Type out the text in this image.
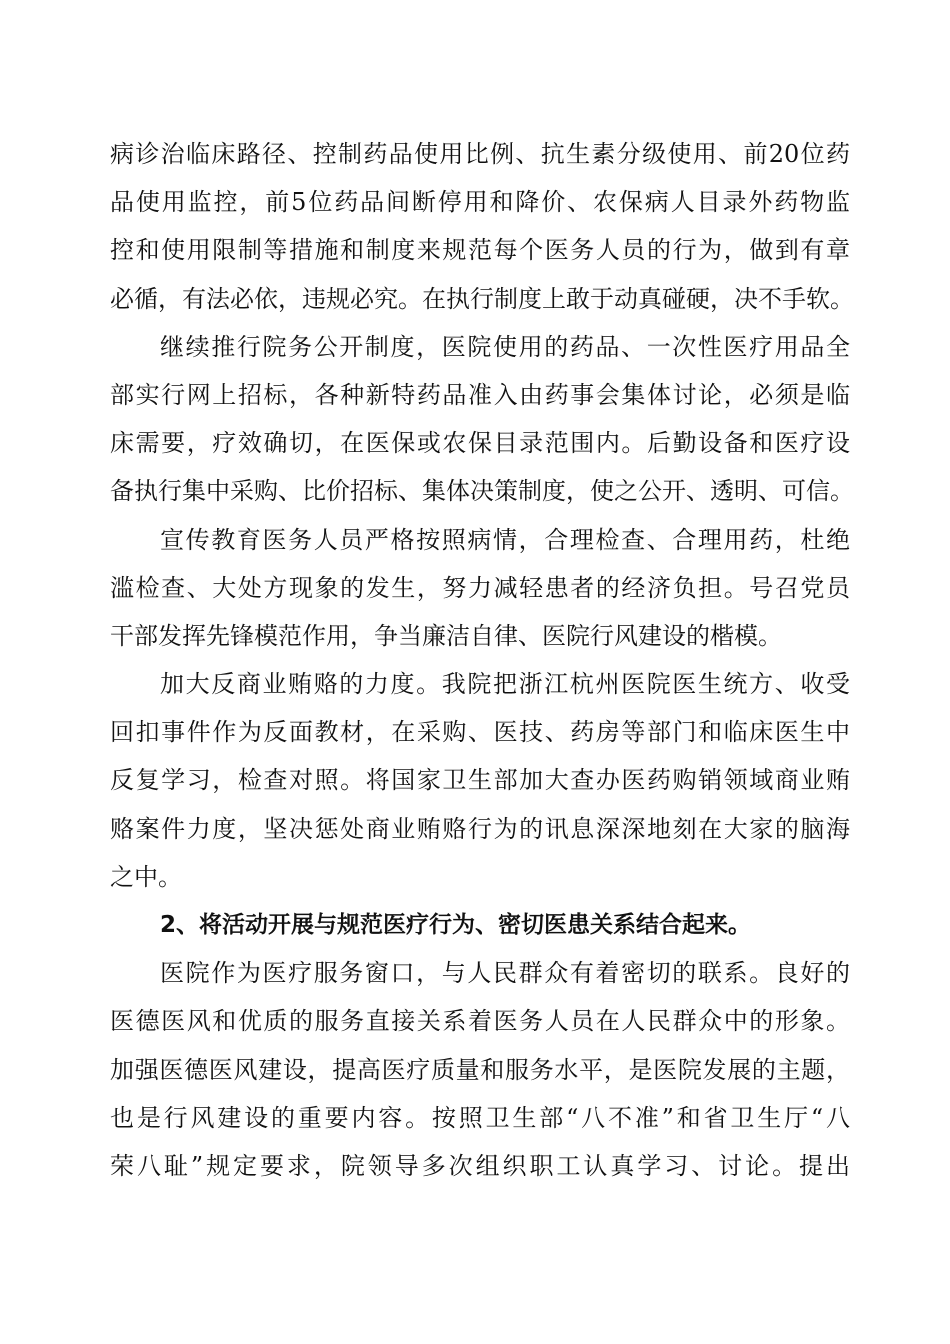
病诊治临床路径、控制药品使用比例、抗生素分级使用、前20位药
品使用监控，前5位药品间断停用和降价、农保病人目录外药物监
控和使用限制等措施和制度来规范每个医务人员的行为，做到有章
必循，有法必依，违规必究。在执行制度上敢于动真碰硬，决不手软。
继续推行院务公开制度，医院使用的药品、一次性医疗用品全
部实行网上招标，各种新特药品准入由药事会集体讨论，必须是临
床需要，疗效确切，在医保或农保目录范围内。后勤设备和医疗设
备执行集中采购、比价招标、集体决策制度，使之公开、透明、可信。
宣传教育医务人员严格按照病情，合理检查、合理用药，杜绝
滥检查、大处方现象的发生，努力减轻患者的经济负担。号召党员
干部发挥先锋模范作用，争当廉洁自律、医院行风建设的楷模。
加大反商业贿赂的力度。我院把浙江杭州医院医生统方、收受
回扣事件作为反面教材，在采购、医技、药房等部门和临床医生中
反复学习，检查对照。将国家卫生部加大查办医药购销领域商业贿
赂案件力度，坚决惩处商业贿赂行为的讯息深深地刻在大家的脑海
之中。
2、将活动开展与规范医疗行为、密切医患关系结合起来。
医院作为医疗服务窗口，与人民群众有着密切的联系。良好的
医德医风和优质的服务直接关系着医务人员在人民群众中的形象。
加强医德医风建设，提高医疗质量和服务水平，是医院发展的主题，
也是行风建设的重要内容。按照卫生部“八不准”和省卫生厅“八
荣八耻”规定要求，院领导多次组织职工认真学习、讨论。提出
